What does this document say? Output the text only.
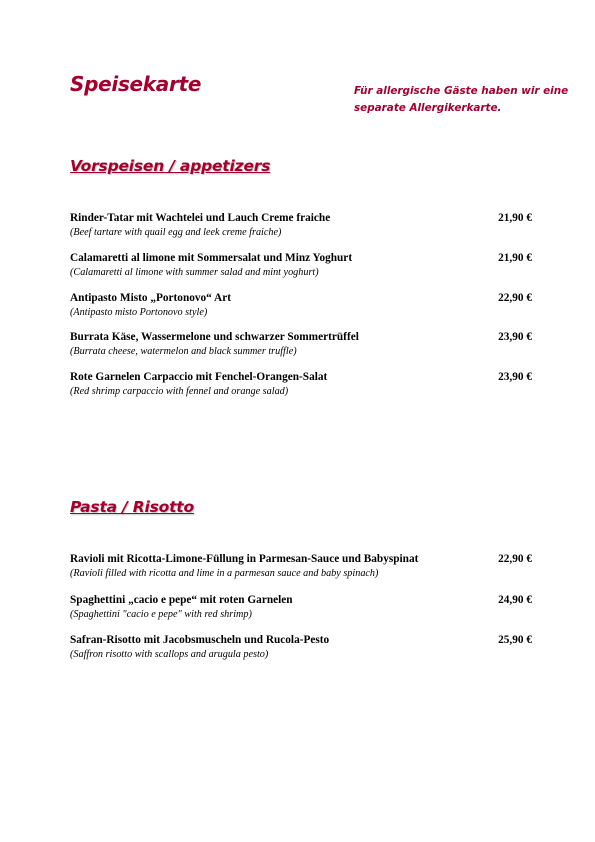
Speisekarte	Für allergische Gäste haben wir eine
separate Allergikerkarte.
Vorspeisen / appetizers
Rinder-Tatar mit Wachtelei und Lauch Creme fraiche
(Beef tartare with quail egg and leek creme fraiche)
21,90 €
Calamaretti al limone mit Sommersalat und Minz Yoghurt
(Calamaretti al limone with summer salad and mint yoghurt)
21,90 €
Antipasto Misto „Portonovo“ Art
(Antipasto misto Portonovo style)
22,90 €
Burrata Käse, Wassermelone und schwarzer Sommertrüffel
(Burrata cheese, watermelon and black summer truffle)
23,90 €
Rote Garnelen Carpaccio mit Fenchel-Orangen-Salat
(Red shrimp carpaccio with fennel and orange salad)
23,90 €
Pasta / Risotto
Ravioli mit Ricotta-Limone-Füllung in Parmesan-Sauce und Babyspinat
(Ravioli filled with ricotta and lime in a parmesan sauce and baby spinach)
22,90 €
Spaghettini „cacio e pepe“ mit roten Garnelen
(Spaghettini "cacio e pepe" with red shrimp)
24,90 €
Safran-Risotto mit Jacobsmuscheln und Rucola-Pesto
(Saffron risotto with scallops and arugula pesto)
25,90 €
